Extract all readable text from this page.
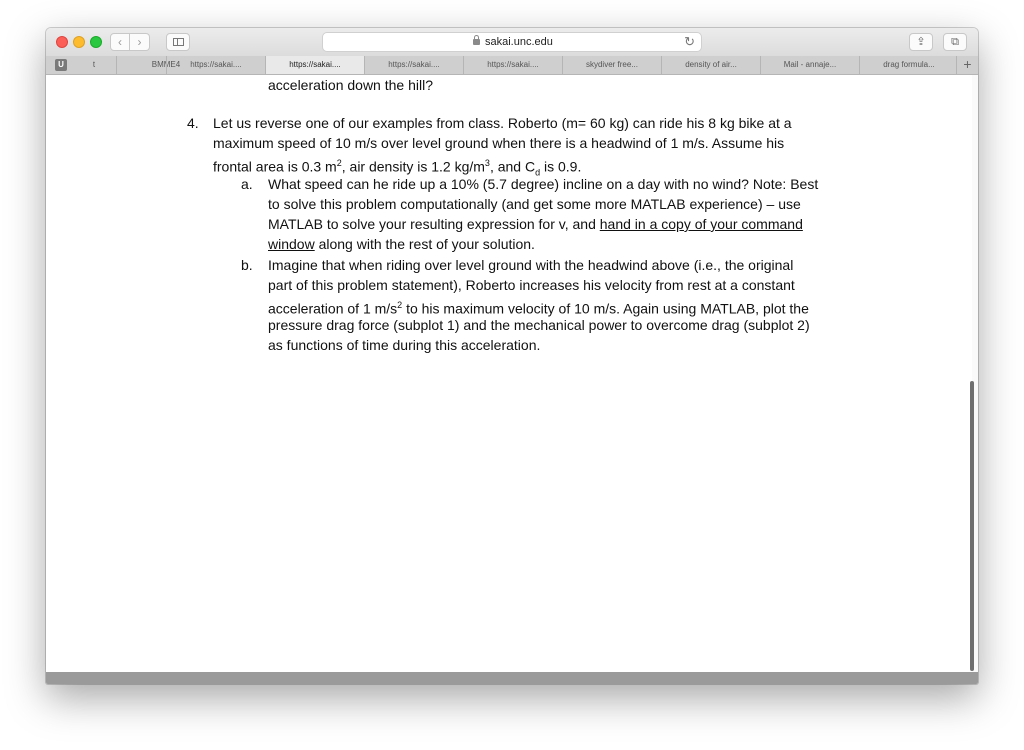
‹	›	sakai.unc.edu	↻	⇪	⧉
U	t	BMME4	https://sakai....	https://sakai....	https://sakai....	https://sakai....	skydiver free...	density of air...	Mail - annaje...	drag formula...	+
acceleration down the hill?
4. Let us reverse one of our examples from class. Roberto (m= 60 kg) can ride his 8 kg bike at a
maximum speed of 10 m/s over level ground when there is a headwind of 1 m/s. Assume his
frontal area is 0.3 $m^2$, air density is 1.2 $kg/m^3$, and $C_d$ is 0.9.
a. What speed can he ride up a 10% (5.7 degree) incline on a day with no wind? Note: Best
to solve this problem computationally (and get some more MATLAB experience) – use
MATLAB to solve your resulting expression for v, and hand in a copy of your command
window along with the rest of your solution.
b. Imagine that when riding over level ground with the headwind above (i.e., the original
part of this problem statement), Roberto increases his velocity from rest at a constant
acceleration of 1 $m/s^2$ to his maximum velocity of 10 m/s. Again using MATLAB, plot the
pressure drag force (subplot 1) and the mechanical power to overcome drag (subplot 2)
as functions of time during this acceleration.
